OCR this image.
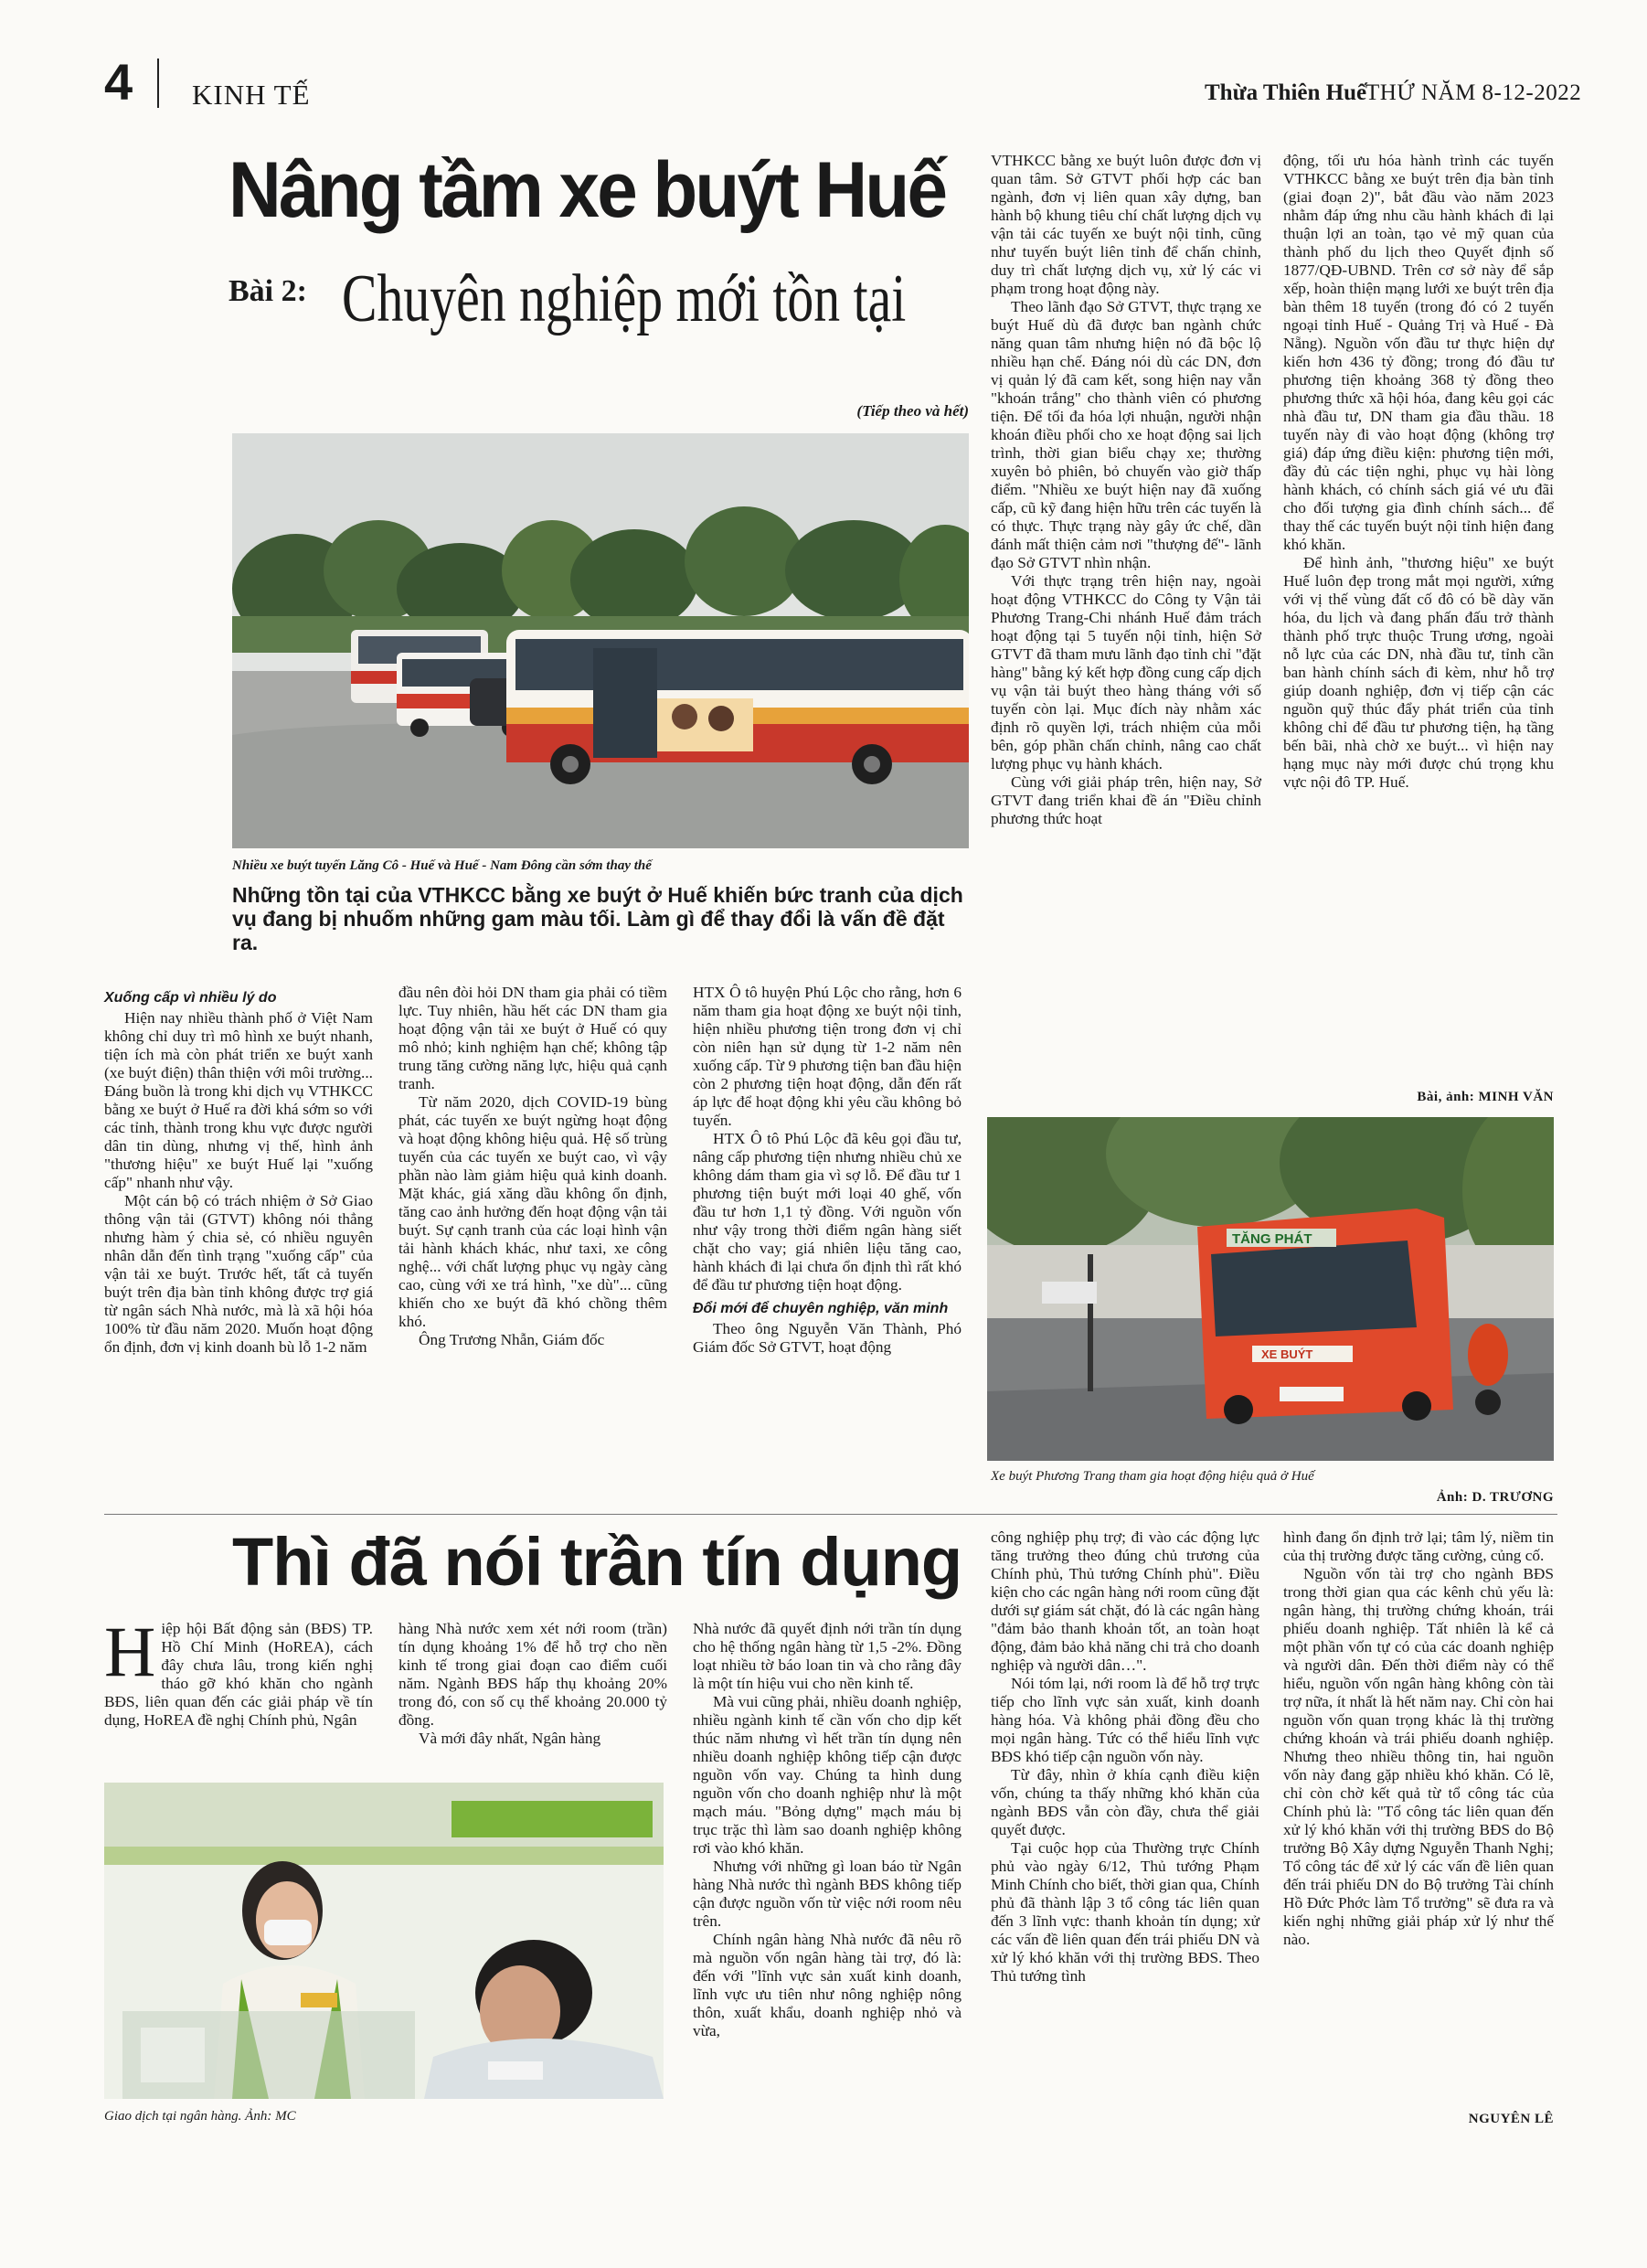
4 KINH TẾ	Thừa Thiên Huế
THỨ NĂM 8-12-2022
Nâng tầm xe buýt Huế
Bài 2: Chuyên nghiệp mới tồn tại
(Tiếp theo và hết)
Nhiều xe buýt tuyến Lăng Cô - Huế và Huế - Nam Đông cần sớm thay thế
Những tồn tại của VTHKCC bằng xe buýt ở Huế khiến bức tranh của dịch vụ đang bị nhuốm những gam màu tối. Làm gì để thay đổi là vấn đề đặt ra.
Xuống cấp vì nhiều lý do

Hiện nay nhiều thành phố ở Việt Nam không chỉ duy trì mô hình xe buýt nhanh, tiện ích mà còn phát triển xe buýt xanh (xe buýt điện) thân thiện với môi trường... Đáng buồn là trong khi dịch vụ VTHKCC bằng xe buýt ở Huế ra đời khá sớm so với các tỉnh, thành trong khu vực được người dân tin dùng, nhưng vị thế, hình ảnh "thương hiệu" xe buýt Huế lại "xuống cấp" nhanh như vậy.

Một cán bộ có trách nhiệm ở Sở Giao thông vận tải (GTVT) không nói thẳng nhưng hàm ý chia sẻ, có nhiều nguyên nhân dẫn đến tình trạng "xuống cấp" của vận tải xe buýt. Trước hết, tất cả tuyến buýt trên địa bàn tỉnh không được trợ giá từ ngân sách Nhà nước, mà là xã hội hóa 100% từ đầu năm 2020. Muốn hoạt động ổn định, đơn vị kinh doanh bù lỗ 1-2 năm

đầu nên đòi hỏi DN tham gia phải có tiềm lực. Tuy nhiên, hầu hết các DN tham gia hoạt động vận tải xe buýt ở Huế có quy mô nhỏ; kinh nghiệm hạn chế; không tập trung tăng cường năng lực, hiệu quả cạnh tranh.

Từ năm 2020, dịch COVID-19 bùng phát, các tuyến xe buýt ngừng hoạt động và hoạt động không hiệu quả. Hệ số trùng tuyến của các tuyến xe buýt cao, vì vậy phần nào làm giảm hiệu quả kinh doanh. Mặt khác, giá xăng dầu không ổn định, tăng cao ảnh hưởng đến hoạt động vận tải buýt. Sự cạnh tranh của các loại hình vận tải hành khách khác, như taxi, xe công nghệ... với chất lượng phục vụ ngày càng cao, cùng với xe trá hình, "xe dù"... cũng khiến cho xe buýt đã khó chồng thêm khó.

Ông Trương Nhẫn, Giám đốc

HTX Ô tô huyện Phú Lộc cho rằng, hơn 6 năm tham gia hoạt động xe buýt nội tỉnh, hiện nhiều phương tiện trong đơn vị chỉ còn niên hạn sử dụng từ 1-2 năm nên xuống cấp. Từ 9 phương tiện ban đầu hiện còn 2 phương tiện hoạt động, dẫn đến rất áp lực để hoạt động khi yêu cầu không bỏ tuyến.

HTX Ô tô Phú Lộc đã kêu gọi đầu tư, nâng cấp phương tiện nhưng nhiều chủ xe không dám tham gia vì sợ lỗ. Để đầu tư 1 phương tiện buýt mới loại 40 ghế, vốn đầu tư hơn 1,1 tỷ đồng. Với nguồn vốn như vậy trong thời điểm ngân hàng siết chặt cho vay; giá nhiên liệu tăng cao, hành khách đi lại chưa ổn định thì rất khó để đầu tư phương tiện hoạt động.

Đổi mới để chuyên nghiệp, văn minh

Theo ông Nguyễn Văn Thành, Phó Giám đốc Sở GTVT, hoạt động

VTHKCC bằng xe buýt luôn được đơn vị quan tâm. Sở GTVT phối hợp các ban ngành, đơn vị liên quan xây dựng, ban hành bộ khung tiêu chí chất lượng dịch vụ vận tải các tuyến xe buýt nội tỉnh, cũng như tuyến buýt liên tỉnh để chấn chỉnh, duy trì chất lượng dịch vụ, xử lý các vi phạm trong hoạt động này.

Theo lãnh đạo Sở GTVT, thực trạng xe buýt Huế dù đã được ban ngành chức năng quan tâm nhưng hiện nó đã bộc lộ nhiều hạn chế. Đáng nói dù các DN, đơn vị quản lý đã cam kết, song hiện nay vẫn "khoán trắng" cho thành viên có phương tiện. Để tối đa hóa lợi nhuận, người nhận khoán điều phối cho xe hoạt động sai lịch trình, thời gian biểu chạy xe; thường xuyên bỏ phiên, bỏ chuyến vào giờ thấp điểm. "Nhiều xe buýt hiện nay đã xuống cấp, cũ kỹ đang hiện hữu trên các tuyến là có thực. Thực trạng này gây ức chế, dần đánh mất thiện cảm nơi "thượng đế"- lãnh đạo Sở GTVT nhìn nhận.

Với thực trạng trên hiện nay, ngoài hoạt động VTHKCC do Công ty Vận tải Phương Trang-Chi nhánh Huế đảm trách hoạt động tại 5 tuyến nội tỉnh, hiện Sở GTVT đã tham mưu lãnh đạo tỉnh chỉ "đặt hàng" bằng ký kết hợp đồng cung cấp dịch vụ vận tải buýt theo hàng tháng với số tuyến còn lại. Mục đích này nhằm xác định rõ quyền lợi, trách nhiệm của mỗi bên, góp phần chấn chỉnh, nâng cao chất lượng phục vụ hành khách.

Cùng với giải pháp trên, hiện nay, Sở GTVT đang triển khai đề án "Điều chỉnh phương thức hoạt

động, tối ưu hóa hành trình các tuyến VTHKCC bằng xe buýt trên địa bàn tỉnh (giai đoạn 2)", bắt đầu vào năm 2023 nhằm đáp ứng nhu cầu hành khách đi lại thuận lợi an toàn, tạo vẻ mỹ quan của thành phố du lịch theo Quyết định số 1877/QĐ-UBND. Trên cơ sở này để sắp xếp, hoàn thiện mạng lưới xe buýt trên địa bàn thêm 18 tuyến (trong đó có 2 tuyến ngoại tỉnh Huế - Quảng Trị và Huế - Đà Nẵng). Nguồn vốn đầu tư thực hiện dự kiến hơn 436 tỷ đồng; trong đó đầu tư phương tiện khoảng 368 tỷ đồng theo phương thức xã hội hóa, đang kêu gọi các nhà đầu tư, DN tham gia đầu thầu. 18 tuyến này đi vào hoạt động (không trợ giá) đáp ứng điều kiện: phương tiện mới, đầy đủ các tiện nghi, phục vụ hài lòng hành khách, có chính sách giá vé ưu đãi cho đối tượng gia đình chính sách... để thay thế các tuyến buýt nội tỉnh hiện đang khó khăn.

Để hình ảnh, "thương hiệu" xe buýt Huế luôn đẹp trong mắt mọi người, xứng với vị thế vùng đất cố đô có bề dày văn hóa, du lịch và đang phấn đấu trở thành thành phố trực thuộc Trung ương, ngoài nỗ lực của các DN, nhà đầu tư, tỉnh cần ban hành chính sách đi kèm, như hỗ trợ giúp doanh nghiệp, đơn vị tiếp cận các nguồn quỹ thúc đẩy phát triển của tỉnh không chỉ để đầu tư phương tiện, hạ tầng bến bãi, nhà chờ xe buýt... vì hiện nay hạng mục này mới được chú trọng khu vực nội đô TP. Huế.

Bài, ảnh: MINH VĂN
TĂNG PHÁT
XE BUÝT
Xe buýt Phương Trang tham gia hoạt động hiệu quả ở Huế
Ảnh: D. TRƯƠNG
Thì đã nói trần tín dụng
H iệp hội Bất động sản (BĐS) TP. Hồ Chí Minh (HoREA), cách đây chưa lâu, trong kiến nghị tháo gỡ khó khăn cho ngành BĐS, liên quan đến các giải pháp về tín dụng, HoREA đề nghị Chính phủ, Ngân

hàng Nhà nước xem xét nới room (trần) tín dụng khoảng 1% để hỗ trợ cho nền kinh tế trong giai đoạn cao điểm cuối năm. Ngành BĐS hấp thụ khoảng 20% trong đó, con số cụ thể khoảng 20.000 tỷ đồng.

Và mới đây nhất, Ngân hàng

Giao dịch tại ngân hàng. Ảnh: MC

Nhà nước đã quyết định nới trần tín dụng cho hệ thống ngân hàng từ 1,5 -2%. Đồng loạt nhiều tờ báo loan tin và cho rằng đây là một tín hiệu vui cho nền kinh tế.

Mà vui cũng phải, nhiều doanh nghiệp, nhiều ngành kinh tế cần vốn cho dịp kết thúc năm nhưng vì hết trần tín dụng nên nhiều doanh nghiệp không tiếp cận được nguồn vốn vay. Chúng ta hình dung nguồn vốn cho doanh nghiệp như là một mạch máu. "Bỏng dựng" mạch máu bị trục trặc thì làm sao doanh nghiệp không rơi vào khó khăn.

Nhưng với những gì loan báo từ Ngân hàng Nhà nước thì ngành BĐS không tiếp cận được nguồn vốn từ việc nới room nêu trên.

Chính ngân hàng Nhà nước đã nêu rõ mà nguồn vốn ngân hàng tài trợ, đó là: đến với "lĩnh vực sản xuất kinh doanh, lĩnh vực ưu tiên như nông nghiệp nông thôn, xuất khẩu, doanh nghiệp nhỏ và vừa,

công nghiệp phụ trợ; đi vào các động lực tăng trưởng theo đúng chủ trương của Chính phủ, Thủ tướng Chính phủ". Điều kiện cho các ngân hàng nới room cũng đặt dưới sự giám sát chặt, đó là các ngân hàng "đảm bảo thanh khoản tốt, an toàn hoạt động, đảm bảo khả năng chi trả cho doanh nghiệp và người dân…".

Nói tóm lại, nới room là để hỗ trợ trực tiếp cho lĩnh vực sản xuất, kinh doanh hàng hóa. Và không phải đồng đều cho mọi ngân hàng. Tức có thể hiểu lĩnh vực BĐS khó tiếp cận nguồn vốn này.

Từ đây, nhìn ở khía cạnh điều kiện vốn, chúng ta thấy những khó khăn của ngành BĐS vẫn còn đầy, chưa thể giải quyết được.

Tại cuộc họp của Thường trực Chính phủ vào ngày 6/12, Thủ tướng Phạm Minh Chính cho biết, thời gian qua, Chính phủ đã thành lập 3 tổ công tác liên quan đến 3 lĩnh vực: thanh khoản tín dụng; xử các vấn đề liên quan đến trái phiếu DN và xử lý khó khăn với thị trường BĐS. Theo Thủ tướng tình

hình đang ổn định trở lại; tâm lý, niềm tin của thị trường được tăng cường, củng cố.

Nguồn vốn tài trợ cho ngành BĐS trong thời gian qua các kênh chủ yếu là: ngân hàng, thị trường chứng khoán, trái phiếu doanh nghiệp. Tất nhiên là kể cả một phần vốn tự có của các doanh nghiệp và người dân. Đến thời điểm này có thể hiểu, nguồn vốn ngân hàng không còn tài trợ nữa, ít nhất là hết năm nay. Chỉ còn hai nguồn vốn quan trọng khác là thị trường chứng khoán và trái phiếu doanh nghiệp. Nhưng theo nhiều thông tin, hai nguồn vốn này đang gặp nhiều khó khăn. Có lẽ, chỉ còn chờ kết quả từ tổ công tác của Chính phủ là: "Tổ công tác liên quan đến xử lý khó khăn với thị trường BĐS do Bộ trưởng Bộ Xây dựng Nguyễn Thanh Nghị; Tổ công tác để xử lý các vấn đề liên quan đến trái phiếu DN do Bộ trưởng Tài chính Hồ Đức Phớc làm Tổ trưởng" sẽ đưa ra và kiến nghị những giải pháp xử lý như thế nào.

NGUYÊN LÊ
